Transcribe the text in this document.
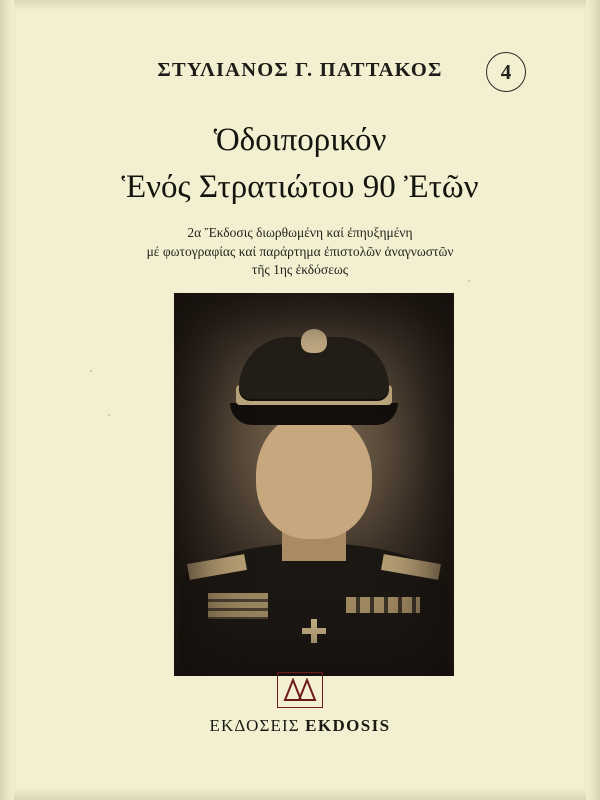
ΣΤΥΛΙΑΝΟΣ Γ. ΠΑΤΤΑΚΟΣ	4
Ὁδοιπορικόν
Ἑνός Στρατιώτου 90 Ἐτῶν
2α Ἔκδοσις διωρθωμένη καί ἐπηυξημένη
μέ φωτογραφίας καί παράρτημα ἐπιστολῶν ἀναγνωστῶν
τῆς 1ης ἐκδόσεως
ΕΚΔΟΣΕΙΣ EKDOSIS
